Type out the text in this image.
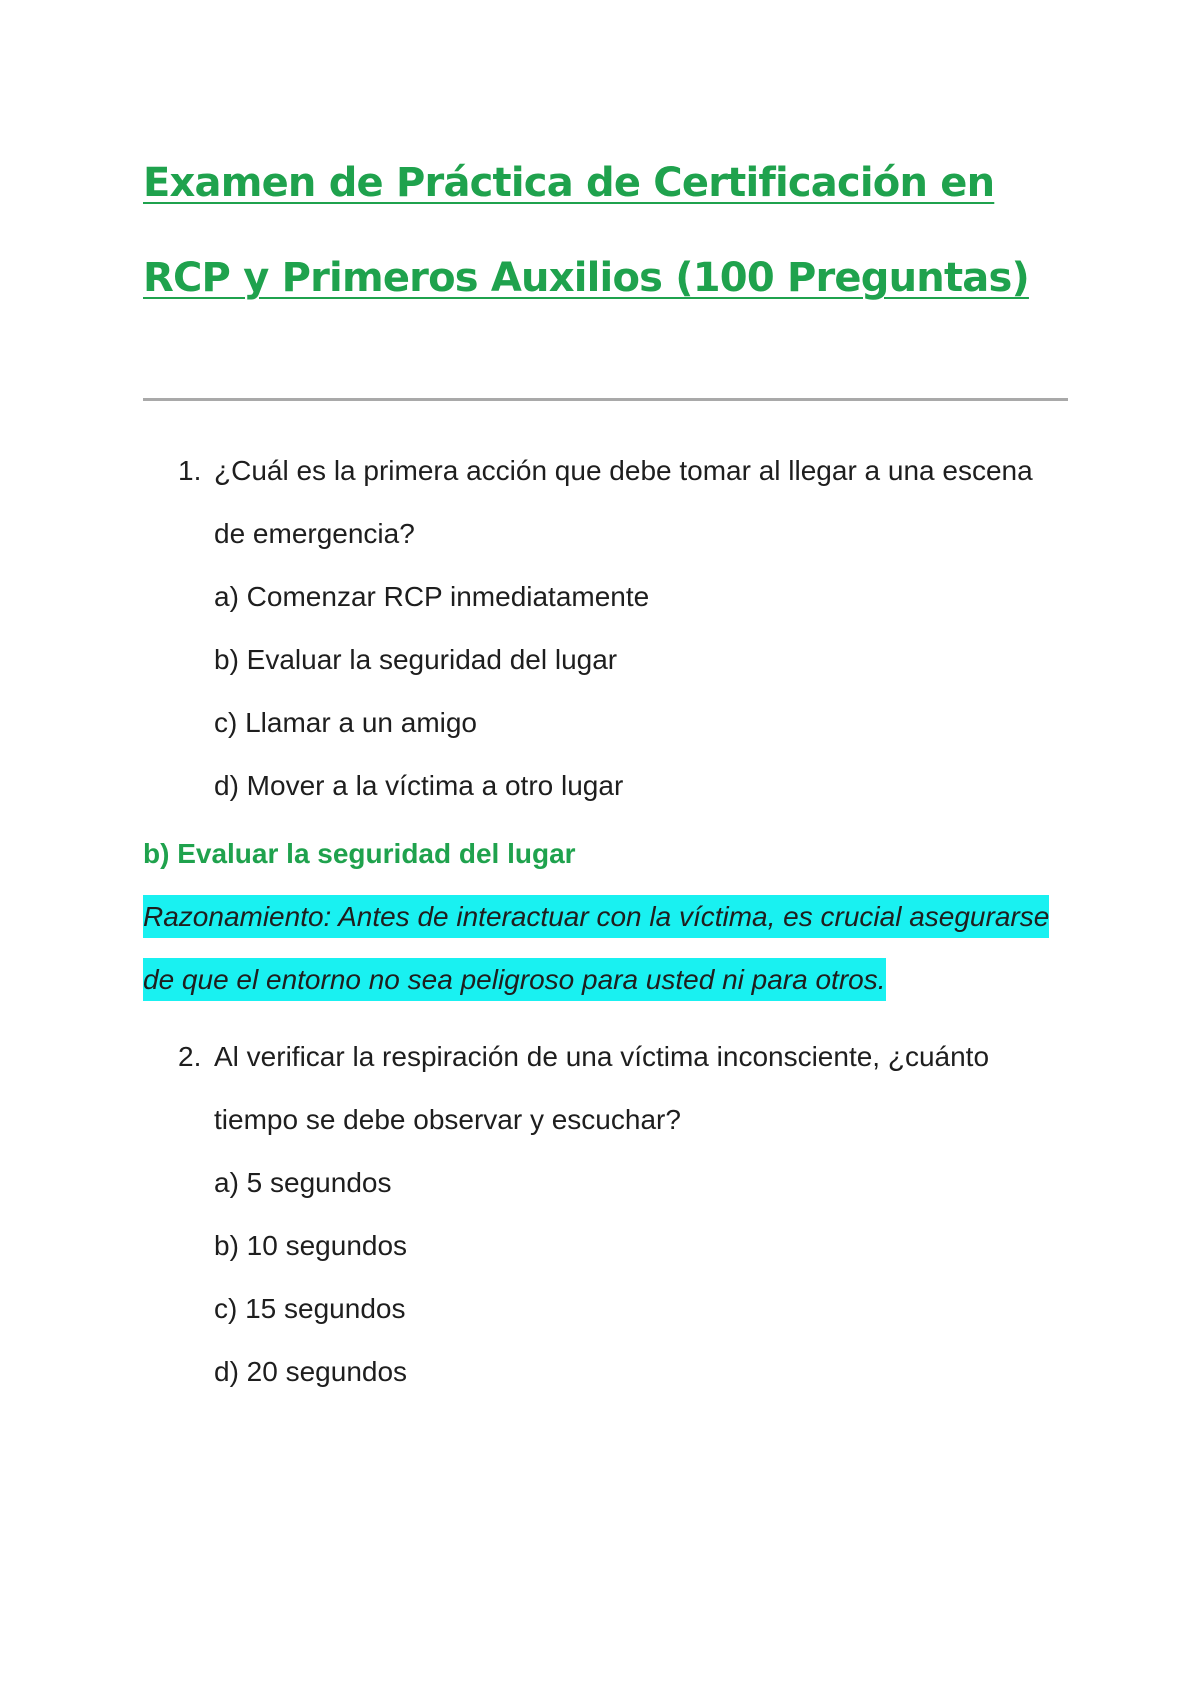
Examen de Práctica de Certificación en RCP y Primeros Auxilios (100 Preguntas)
1. ¿Cuál es la primera acción que debe tomar al llegar a una escena de emergencia?
a) Comenzar RCP inmediatamente
b) Evaluar la seguridad del lugar
c) Llamar a un amigo
d) Mover a la víctima a otro lugar
b) Evaluar la seguridad del lugar
Razonamiento: Antes de interactuar con la víctima, es crucial asegurarse de que el entorno no sea peligroso para usted ni para otros.
2. Al verificar la respiración de una víctima inconsciente, ¿cuánto tiempo se debe observar y escuchar?
a) 5 segundos
b) 10 segundos
c) 15 segundos
d) 20 segundos
